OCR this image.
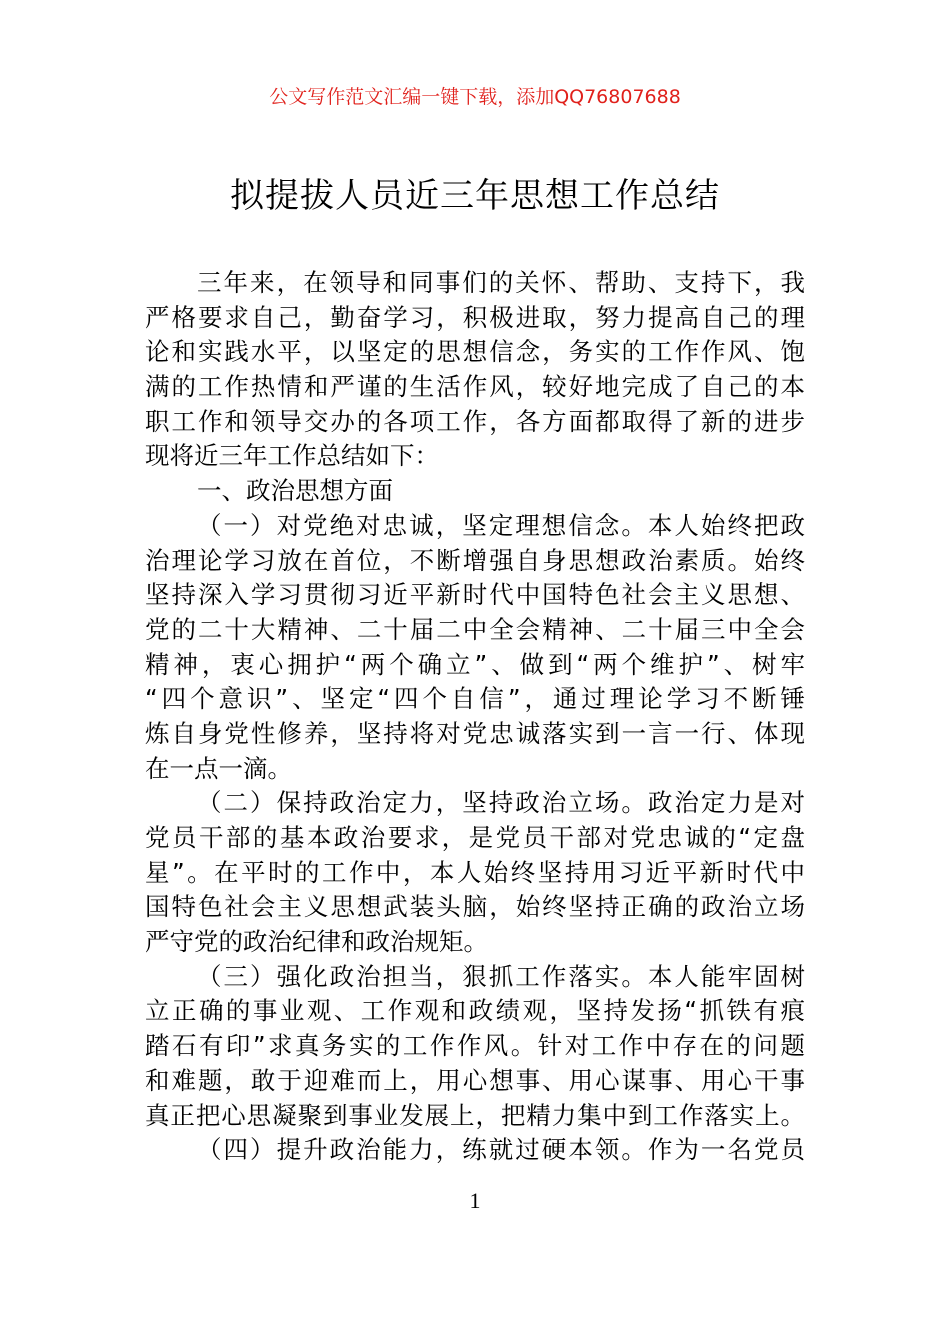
公文写作范文汇编一键下载，添加QQ76807688
拟提拔人员近三年思想工作总结
三年来，在领导和同事们的关怀、帮助、支持下，我
严格要求自己，勤奋学习，积极进取，努力提高自己的理
论和实践水平，以坚定的思想信念，务实的工作作风、饱
满的工作热情和严谨的生活作风，较好地完成了自己的本
职工作和领导交办的各项工作，各方面都取得了新的进步
现将近三年工作总结如下：
一、政治思想方面
（一）对党绝对忠诚，坚定理想信念。本人始终把政
治理论学习放在首位，不断增强自身思想政治素质。始终
坚持深入学习贯彻习近平新时代中国特色社会主义思想、
党的二十大精神、二十届二中全会精神、二十届三中全会
精神，衷心拥护“两个确立”、做到“两个维护”、树牢
“四个意识”、坚定“四个自信”，通过理论学习不断锤
炼自身党性修养，坚持将对党忠诚落实到一言一行、体现
在一点一滴。
（二）保持政治定力，坚持政治立场。政治定力是对
党员干部的基本政治要求，是党员干部对党忠诚的“定盘
星”。在平时的工作中，本人始终坚持用习近平新时代中
国特色社会主义思想武装头脑，始终坚持正确的政治立场
严守党的政治纪律和政治规矩。
（三）强化政治担当，狠抓工作落实。本人能牢固树
立正确的事业观、工作观和政绩观，坚持发扬“抓铁有痕
踏石有印”求真务实的工作作风。针对工作中存在的问题
和难题，敢于迎难而上，用心想事、用心谋事、用心干事
真正把心思凝聚到事业发展上，把精力集中到工作落实上。
（四）提升政治能力，练就过硬本领。作为一名党员
1
